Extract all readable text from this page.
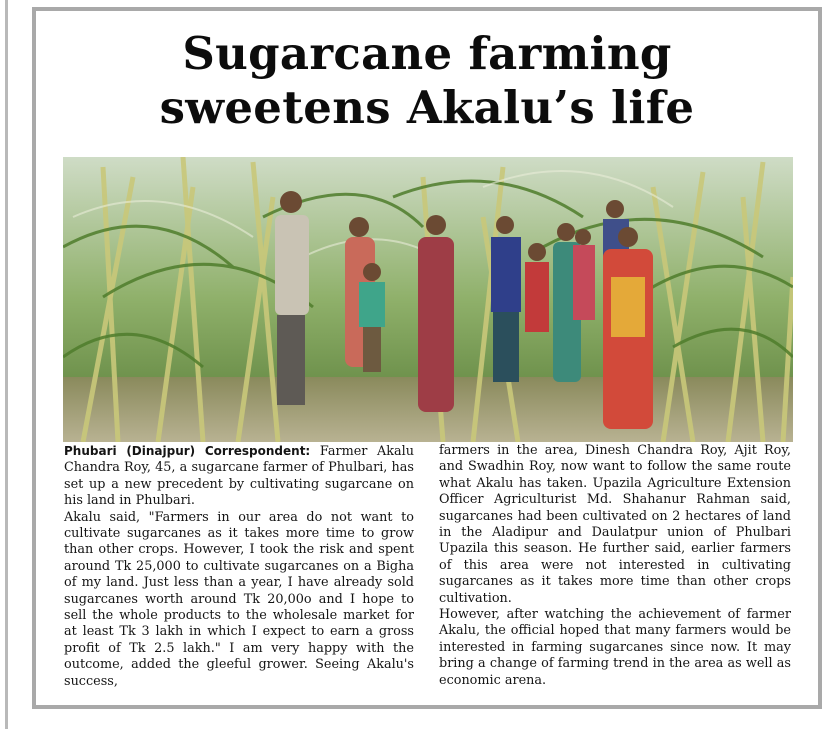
Sugarcane farming
sweetens Akalu’s life

Phubari (Dinajpur) Correspondent: Farmer Akalu Chandra Roy, 45, a sugarcane farmer of Phulbari, has set up a new precedent by cultivating sugarcane on his land in Phulbari.

Akalu said, "Farmers in our area do not want to cultivate sugarcanes as it takes more time to grow than other crops. However, I took the risk and spent around Tk 25,000 to cultivate sugarcanes on a Bigha of my land. Just less than a year, I have already sold sugarcanes worth around Tk 20,00o and I hope to sell the whole products to the wholesale market for at least Tk 3 lakh in which I expect to earn a gross profit of Tk 2.5 lakh." I am very happy with the outcome, added the gleeful grower. Seeing Akalu's success,

farmers in the area, Dinesh Chandra Roy, Ajit Roy, and Swadhin Roy, now want to follow the same route what Akalu has taken. Upazila Agriculture Extension Officer Agriculturist Md. Shahanur Rahman said, sugarcanes had been cultivated on 2 hectares of land in the Aladipur and Daulatpur union of Phulbari Upazila this season. He further said, earlier farmers of this area were not interested in cultivating sugarcanes as it takes more time than other crops cultivation.

However, after watching the achievement of farmer Akalu, the official hoped that many farmers would be interested in farming sugarcanes since now. It may bring a change of farming trend in the area as well as economic arena.
